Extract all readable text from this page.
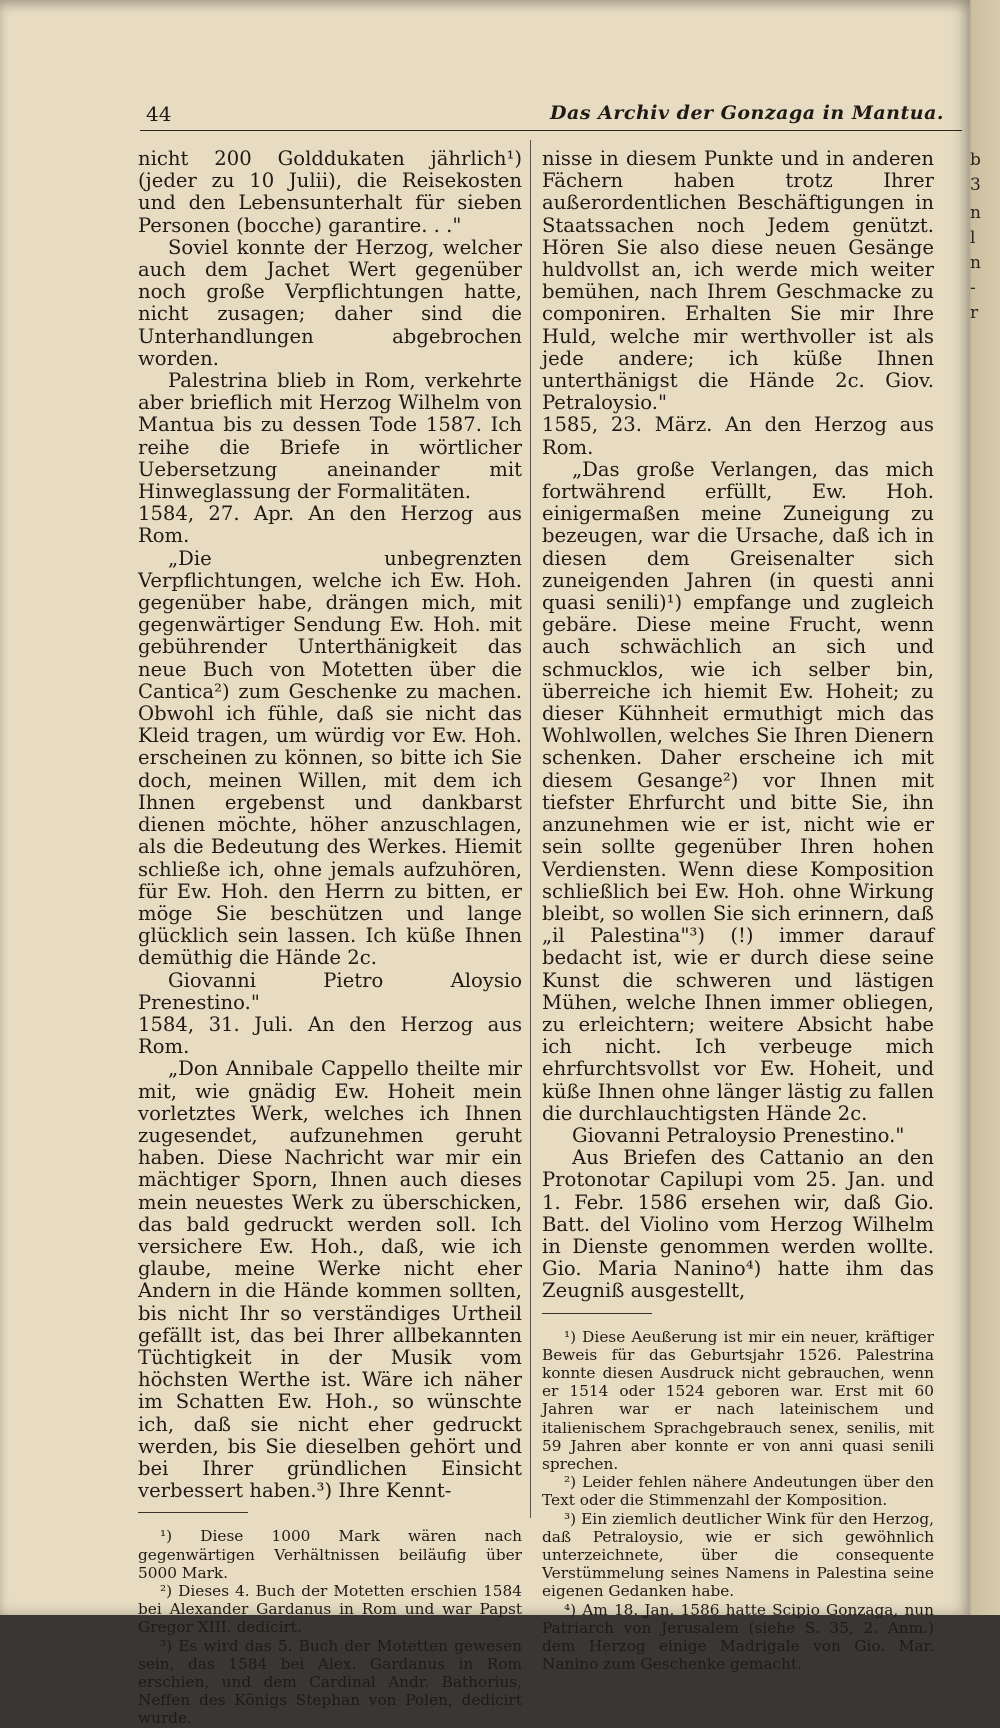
b
3
n
l
n
-
r
44	Das Archiv der Gonzaga in Mantua.

nicht 200 Golddukaten jährlich¹) (jeder zu 10 Julii), die Reisekosten und den Lebensunterhalt für sieben Personen (bocche) garantire. . ."

Soviel konnte der Herzog, welcher auch dem Jachet Wert gegenüber noch große Verpflichtungen hatte, nicht zusagen; daher sind die Unterhandlungen abgebrochen worden.

Palestrina blieb in Rom, verkehrte aber brieflich mit Herzog Wilhelm von Mantua bis zu dessen Tode 1587. Ich reihe die Briefe in wörtlicher Uebersetzung aneinander mit Hinweglassung der Formalitäten.

1584, 27. Apr. An den Herzog aus Rom.

„Die unbegrenzten Verpflichtungen, welche ich Ew. Hoh. gegenüber habe, drängen mich, mit gegenwärtiger Sendung Ew. Hoh. mit gebührender Unterthänigkeit das neue Buch von Motetten über die Cantica²) zum Geschenke zu machen. Obwohl ich fühle, daß sie nicht das Kleid tragen, um würdig vor Ew. Hoh. erscheinen zu können, so bitte ich Sie doch, meinen Willen, mit dem ich Ihnen ergebenst und dankbarst dienen möchte, höher anzuschlagen, als die Bedeutung des Werkes. Hiemit schließe ich, ohne jemals aufzuhören, für Ew. Hoh. den Herrn zu bitten, er möge Sie beschützen und lange glücklich sein lassen. Ich küße Ihnen demüthig die Hände 2c.

Giovanni Pietro Aloysio Prenestino."

1584, 31. Juli. An den Herzog aus Rom.

„Don Annibale Cappello theilte mir mit, wie gnädig Ew. Hoheit mein vorletztes Werk, welches ich Ihnen zugesendet, aufzunehmen geruht haben. Diese Nachricht war mir ein mächtiger Sporn, Ihnen auch dieses mein neuestes Werk zu überschicken, das bald gedruckt werden soll. Ich versichere Ew. Hoh., daß, wie ich glaube, meine Werke nicht eher Andern in die Hände kommen sollten, bis nicht Ihr so verständiges Urtheil gefällt ist, das bei Ihrer allbekannten Tüchtigkeit in der Musik vom höchsten Werthe ist. Wäre ich näher im Schatten Ew. Hoh., so wünschte ich, daß sie nicht eher gedruckt werden, bis Sie dieselben gehört und bei Ihrer gründlichen Einsicht verbessert haben.³) Ihre Kennt-

¹) Diese 1000 Mark wären nach gegenwärtigen Verhältnissen beiläufig über 5000 Mark.

²) Dieses 4. Buch der Motetten erschien 1584 bei Alexander Gardanus in Rom und war Papst Gregor XIII. dedicirt.

³) Es wird das 5. Buch der Motetten gewesen sein, das 1584 bei Alex. Gardanus in Rom erschien, und dem Cardinal Andr. Bathorius, Neffen des Königs Stephan von Polen, dedicirt wurde.

nisse in diesem Punkte und in anderen Fächern haben trotz Ihrer außerordentlichen Beschäftigungen in Staatssachen noch Jedem genützt. Hören Sie also diese neuen Gesänge huldvollst an, ich werde mich weiter bemühen, nach Ihrem Geschmacke zu componiren. Erhalten Sie mir Ihre Huld, welche mir werthvoller ist als jede andere; ich küße Ihnen unterthänigst die Hände 2c. Giov. Petraloysio."

1585, 23. März. An den Herzog aus Rom.

„Das große Verlangen, das mich fortwährend erfüllt, Ew. Hoh. einigermaßen meine Zuneigung zu bezeugen, war die Ursache, daß ich in diesen dem Greisenalter sich zuneigenden Jahren (in questi anni quasi senili)¹) empfange und zugleich gebäre. Diese meine Frucht, wenn auch schwächlich an sich und schmucklos, wie ich selber bin, überreiche ich hiemit Ew. Hoheit; zu dieser Kühnheit ermuthigt mich das Wohlwollen, welches Sie Ihren Dienern schenken. Daher erscheine ich mit diesem Gesange²) vor Ihnen mit tiefster Ehrfurcht und bitte Sie, ihn anzunehmen wie er ist, nicht wie er sein sollte gegenüber Ihren hohen Verdiensten. Wenn diese Komposition schließlich bei Ew. Hoh. ohne Wirkung bleibt, so wollen Sie sich erinnern, daß „il Palestina"³) (!) immer darauf bedacht ist, wie er durch diese seine Kunst die schweren und lästigen Mühen, welche Ihnen immer obliegen, zu erleichtern; weitere Absicht habe ich nicht. Ich verbeuge mich ehrfurchtsvollst vor Ew. Hoheit, und küße Ihnen ohne länger lästig zu fallen die durchlauchtigsten Hände 2c.

Giovanni Petraloysio Prenestino."

Aus Briefen des Cattanio an den Protonotar Capilupi vom 25. Jan. und 1. Febr. 1586 ersehen wir, daß Gio. Batt. del Violino vom Herzog Wilhelm in Dienste genommen werden wollte. Gio. Maria Nanino⁴) hatte ihm das Zeugniß ausgestellt,

¹) Diese Aeußerung ist mir ein neuer, kräftiger Beweis für das Geburtsjahr 1526. Palestrina konnte diesen Ausdruck nicht gebrauchen, wenn er 1514 oder 1524 geboren war. Erst mit 60 Jahren war er nach lateinischem und italienischem Sprachgebrauch senex, senilis, mit 59 Jahren aber konnte er von anni quasi senili sprechen.

²) Leider fehlen nähere Andeutungen über den Text oder die Stimmenzahl der Komposition.

³) Ein ziemlich deutlicher Wink für den Herzog, daß Petraloysio, wie er sich gewöhnlich unterzeichnete, über die consequente Verstümmelung seines Namens in Palestina seine eigenen Gedanken habe.

⁴) Am 18. Jan. 1586 hatte Scipio Gonzaga, nun Patriarch von Jerusalem (siehe S. 35, 2. Anm.) dem Herzog einige Madrigale von Gio. Mar. Nanino zum Geschenke gemacht.
